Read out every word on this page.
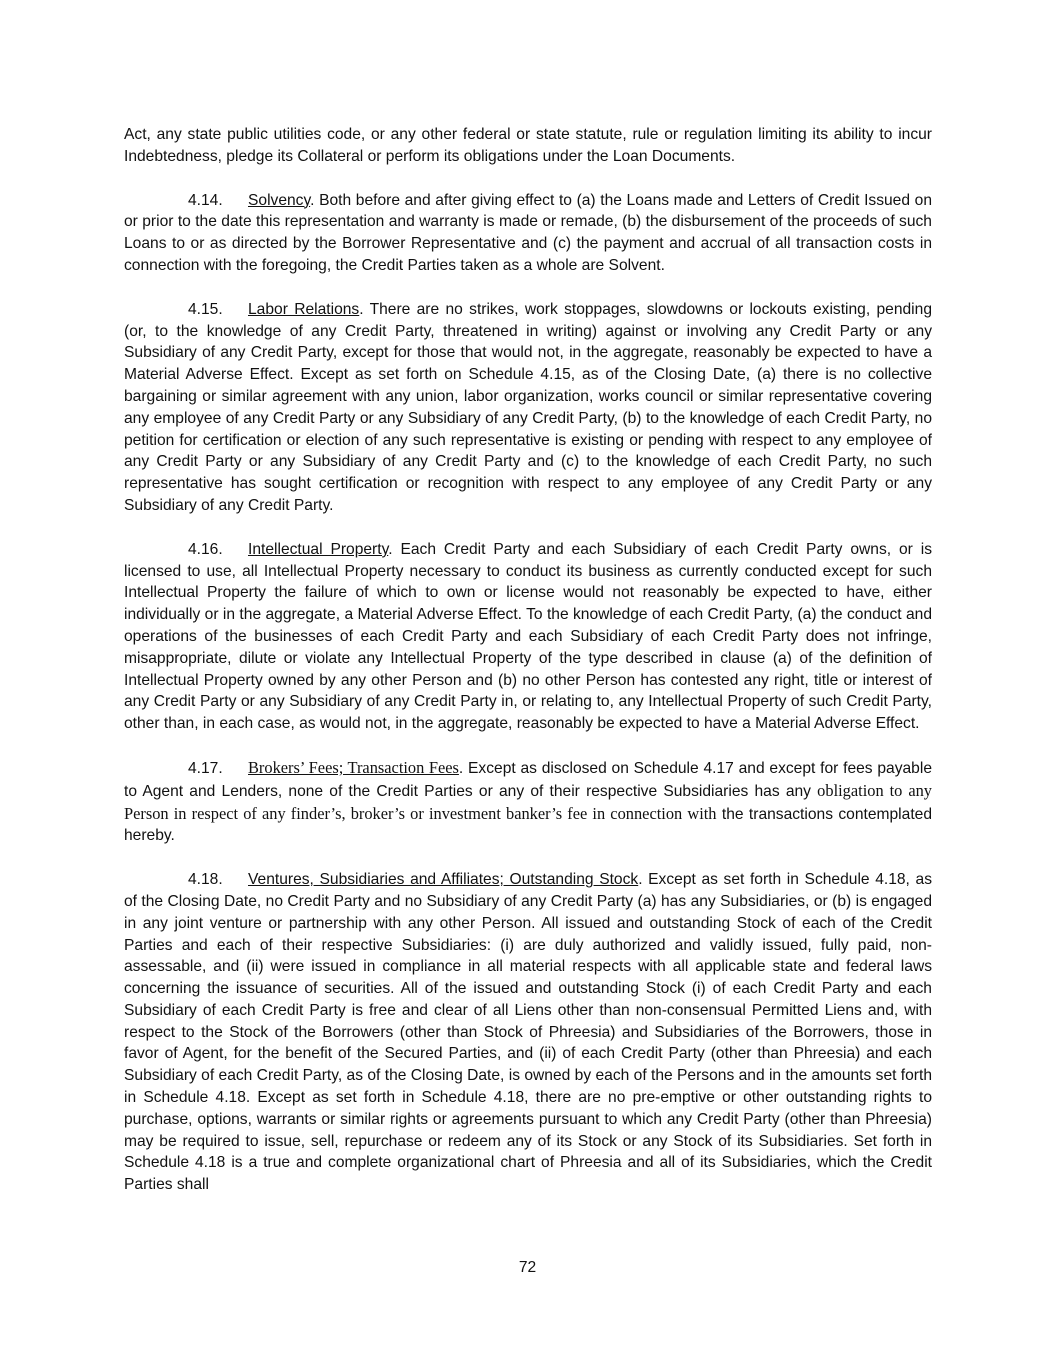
Act, any state public utilities code, or any other federal or state statute, rule or regulation limiting its ability to incur Indebtedness, pledge its Collateral or perform its obligations under the Loan Documents.

4.14. Solvency. Both before and after giving effect to (a) the Loans made and Letters of Credit Issued on or prior to the date this representation and warranty is made or remade, (b) the disbursement of the proceeds of such Loans to or as directed by the Borrower Representative and (c) the payment and accrual of all transaction costs in connection with the foregoing, the Credit Parties taken as a whole are Solvent.

4.15. Labor Relations. There are no strikes, work stoppages, slowdowns or lockouts existing, pending (or, to the knowledge of any Credit Party, threatened in writing) against or involving any Credit Party or any Subsidiary of any Credit Party, except for those that would not, in the aggregate, reasonably be expected to have a Material Adverse Effect. Except as set forth on Schedule 4.15, as of the Closing Date, (a) there is no collective bargaining or similar agreement with any union, labor organization, works council or similar representative covering any employee of any Credit Party or any Subsidiary of any Credit Party, (b) to the knowledge of each Credit Party, no petition for certification or election of any such representative is existing or pending with respect to any employee of any Credit Party or any Subsidiary of any Credit Party and (c) to the knowledge of each Credit Party, no such representative has sought certification or recognition with respect to any employee of any Credit Party or any Subsidiary of any Credit Party.

4.16. Intellectual Property. Each Credit Party and each Subsidiary of each Credit Party owns, or is licensed to use, all Intellectual Property necessary to conduct its business as currently conducted except for such Intellectual Property the failure of which to own or license would not reasonably be expected to have, either individually or in the aggregate, a Material Adverse Effect. To the knowledge of each Credit Party, (a) the conduct and operations of the businesses of each Credit Party and each Subsidiary of each Credit Party does not infringe, misappropriate, dilute or violate any Intellectual Property of the type described in clause (a) of the definition of Intellectual Property owned by any other Person and (b) no other Person has contested any right, title or interest of any Credit Party or any Subsidiary of any Credit Party in, or relating to, any Intellectual Property of such Credit Party, other than, in each case, as would not, in the aggregate, reasonably be expected to have a Material Adverse Effect.

4.17. Brokers’ Fees; Transaction Fees. Except as disclosed on Schedule 4.17 and except for fees payable to Agent and Lenders, none of the Credit Parties or any of their respective Subsidiaries has any obligation to any Person in respect of any finder’s, broker’s or investment banker’s fee in connection with the transactions contemplated hereby.

4.18. Ventures, Subsidiaries and Affiliates; Outstanding Stock. Except as set forth in Schedule 4.18, as of the Closing Date, no Credit Party and no Subsidiary of any Credit Party (a) has any Subsidiaries, or (b) is engaged in any joint venture or partnership with any other Person. All issued and outstanding Stock of each of the Credit Parties and each of their respective Subsidiaries: (i) are duly authorized and validly issued, fully paid, non-assessable, and (ii) were issued in compliance in all material respects with all applicable state and federal laws concerning the issuance of securities. All of the issued and outstanding Stock (i) of each Credit Party and each Subsidiary of each Credit Party is free and clear of all Liens other than non-consensual Permitted Liens and, with respect to the Stock of the Borrowers (other than Stock of Phreesia) and Subsidiaries of the Borrowers, those in favor of Agent, for the benefit of the Secured Parties, and (ii) of each Credit Party (other than Phreesia) and each Subsidiary of each Credit Party, as of the Closing Date, is owned by each of the Persons and in the amounts set forth in Schedule 4.18. Except as set forth in Schedule 4.18, there are no pre-emptive or other outstanding rights to purchase, options, warrants or similar rights or agreements pursuant to which any Credit Party (other than Phreesia) may be required to issue, sell, repurchase or redeem any of its Stock or any Stock of its Subsidiaries. Set forth in Schedule 4.18 is a true and complete organizational chart of Phreesia and all of its Subsidiaries, which the Credit Parties shall

72
